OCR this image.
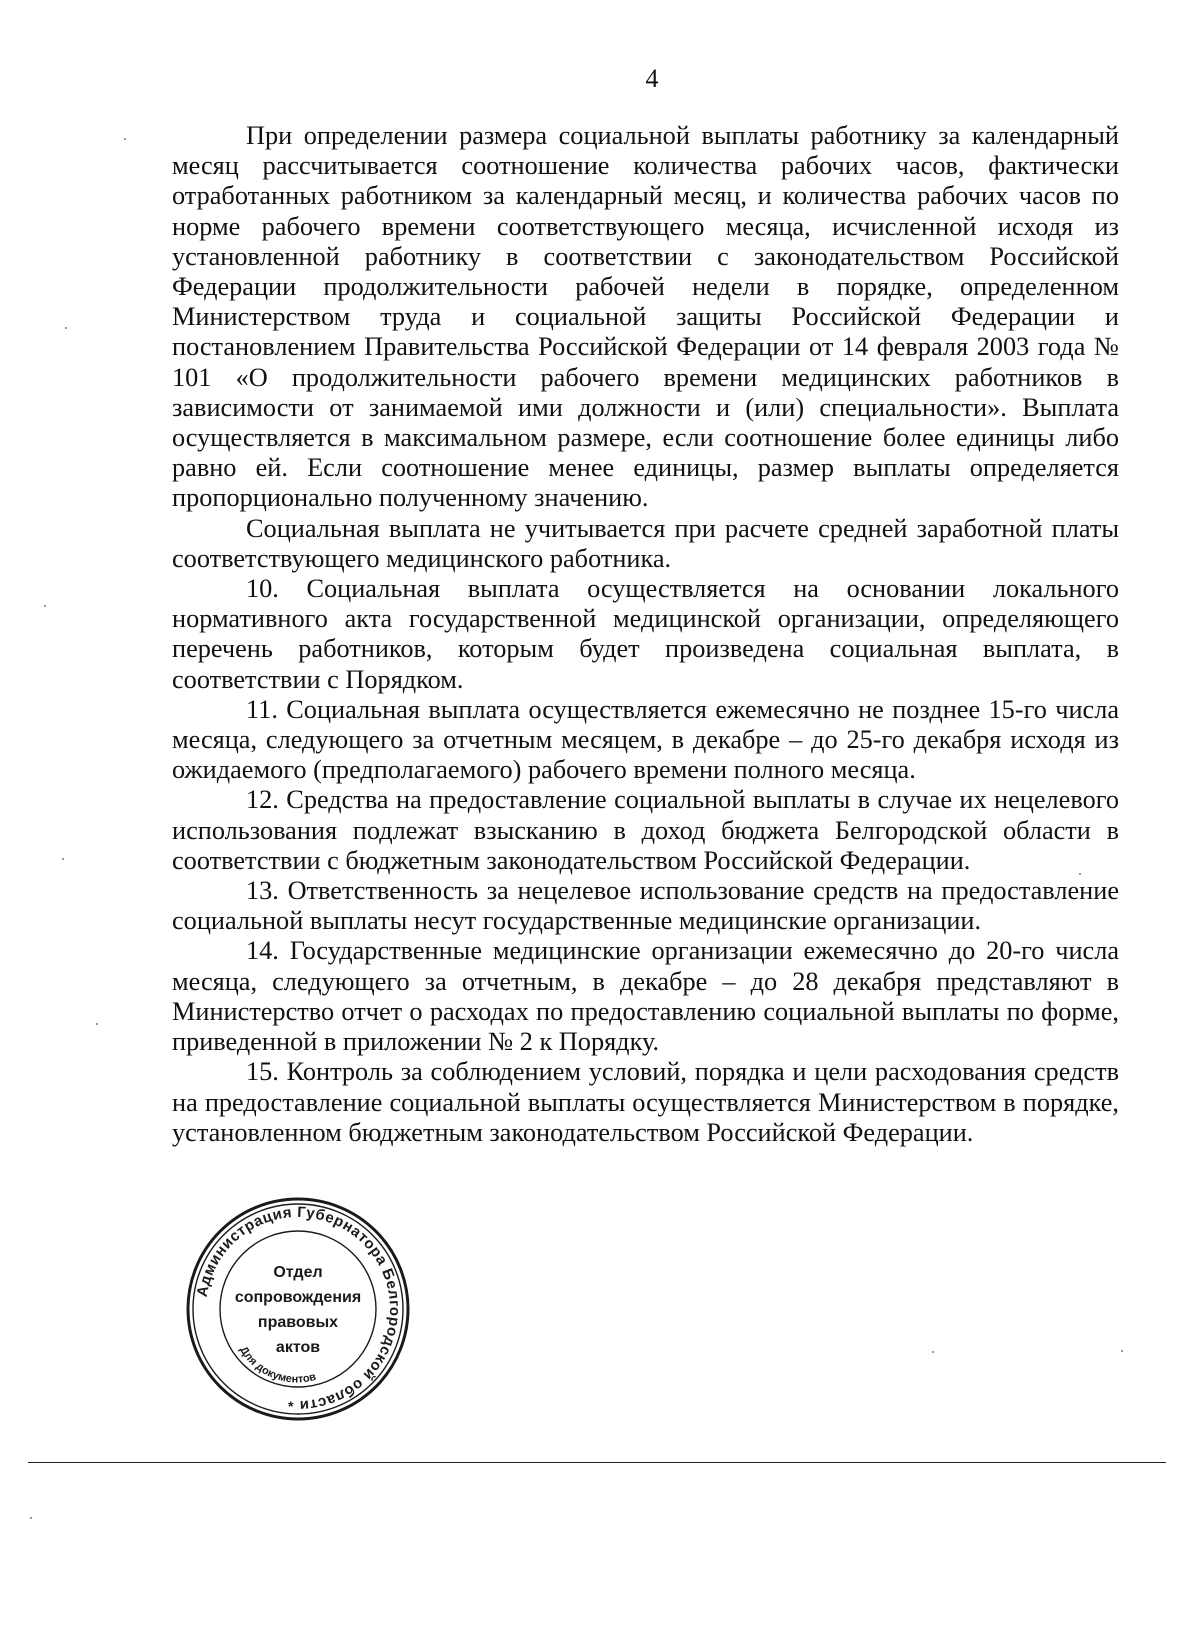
4

При определении размера социальной выплаты работнику за календарный месяц рассчитывается соотношение количества рабочих часов, фактически отработанных работником за календарный месяц, и количества рабочих часов по норме рабочего времени соответствующего месяца, исчисленной исходя из установленной работнику в соответствии с законодательством Российской Федерации продолжительности рабочей недели в порядке, определенном Министерством труда и социальной защиты Российской Федерации и постановлением Правительства Российской Федерации от 14 февраля 2003 года № 101 «О продолжительности рабочего времени медицинских работников в зависимости от занимаемой ими должности и (или) специальности». Выплата осуществляется в максимальном размере, если соотношение более единицы либо равно ей. Если соотношение менее единицы, размер выплаты определяется пропорционально полученному значению.

Социальная выплата не учитывается при расчете средней заработной платы соответствующего медицинского работника.

10. Социальная выплата осуществляется на основании локального нормативного акта государственной медицинской организации, определяющего перечень работников, которым будет произведена социальная выплата, в соответствии с Порядком.

11. Социальная выплата осуществляется ежемесячно не позднее 15-го числа месяца, следующего за отчетным месяцем, в декабре – до 25-го декабря исходя из ожидаемого (предполагаемого) рабочего времени полного месяца.

12. Средства на предоставление социальной выплаты в случае их нецелевого использования подлежат взысканию в доход бюджета Белгородской области в соответствии с бюджетным законодательством Российской Федерации.

13. Ответственность за нецелевое использование средств на предоставление социальной выплаты несут государственные медицинские организации.

14. Государственные медицинские организации ежемесячно до 20-го числа месяца, следующего за отчетным, в декабре – до 28 декабря представляют в Министерство отчет о расходах по предоставлению социальной выплаты по форме, приведенной в приложении № 2 к Порядку.

15. Контроль за соблюдением условий, порядка и цели расходования средств на предоставление социальной выплаты осуществляется Министерством в порядке, установленном бюджетным законодательством Российской Федерации.

Администрация Губернатора Белгородской области
Для документов
*
Отдел
сопровождения
правовых
актов
